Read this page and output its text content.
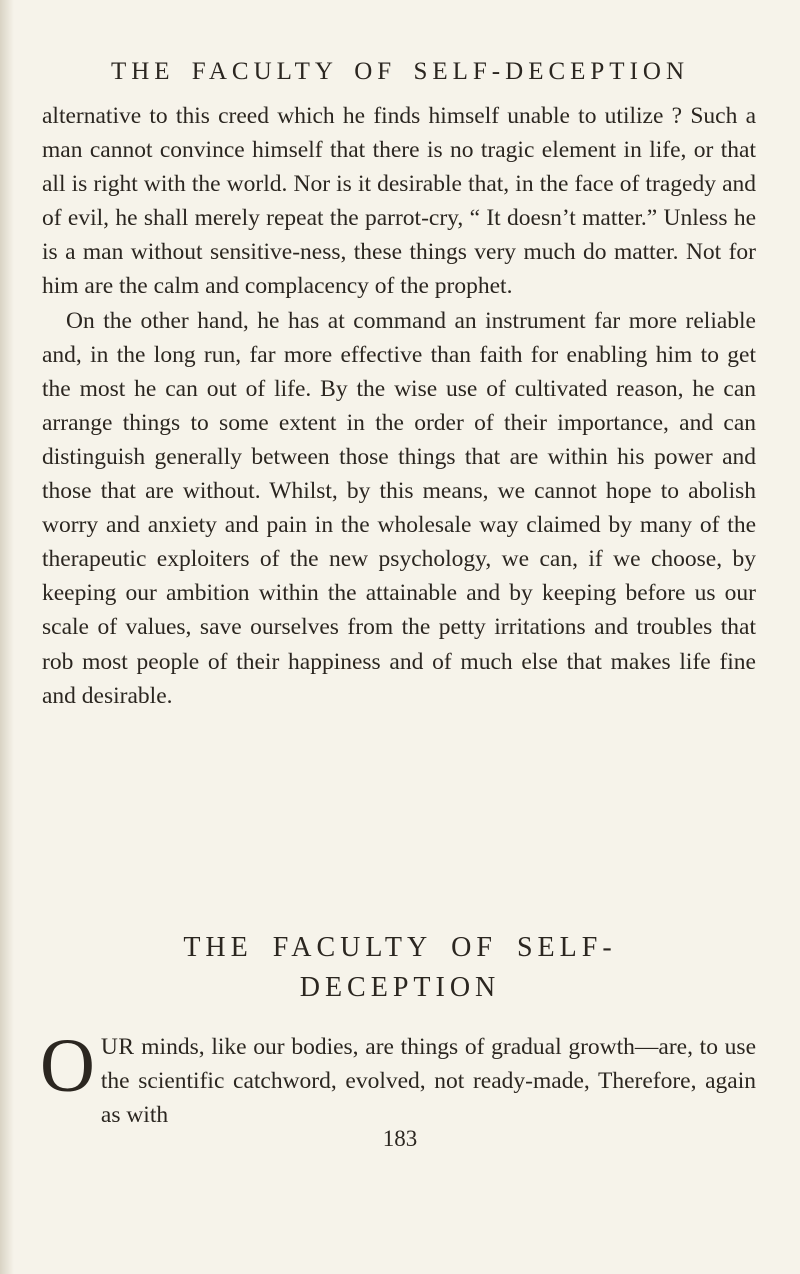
THE FACULTY OF SELF-DECEPTION

alternative to this creed which he finds himself unable to utilize ? Such a man cannot convince himself that there is no tragic element in life, or that all is right with the world. Nor is it desirable that, in the face of tragedy and of evil, he shall merely repeat the parrot-cry, “ It doesn’t matter.” Unless he is a man without sensitive-ness, these things very much do matter. Not for him are the calm and complacency of the prophet.

On the other hand, he has at command an instrument far more reliable and, in the long run, far more effective than faith for enabling him to get the most he can out of life. By the wise use of cultivated reason, he can arrange things to some extent in the order of their importance, and can distinguish generally between those things that are within his power and those that are without. Whilst, by this means, we cannot hope to abolish worry and anxiety and pain in the wholesale way claimed by many of the therapeutic exploiters of the new psychology, we can, if we choose, by keeping our ambition within the attainable and by keeping before us our scale of values, save ourselves from the petty irritations and troubles that rob most people of their happiness and of much else that makes life fine and desirable.

THE FACULTY OF SELF-
DECEPTION

OUR minds, like our bodies, are things of gradual growth—are, to use the scientific catchword, evolved, not ready-made, Therefore, again as with

183
